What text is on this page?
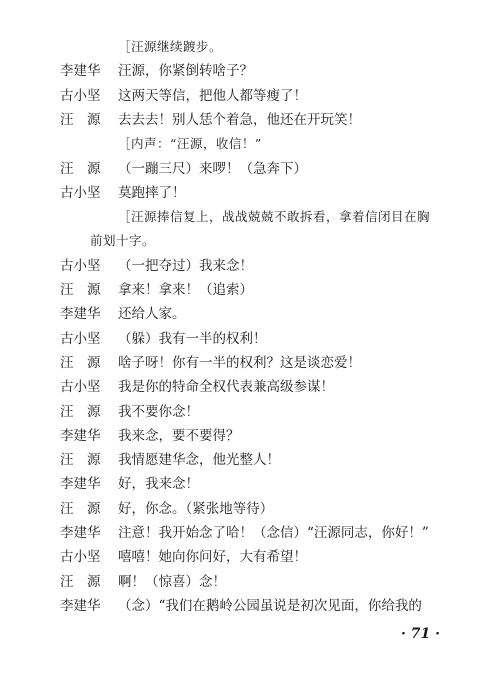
［汪源继续踱步。
李建华 汪源，你紧倒转啥子？
古小坚 这两天等信，把他人都等瘦了！
汪　源 去去去！别人恁个着急，他还在开玩笑！
［内声：“汪源，收信！”
汪　源 （一蹦三尺）来啰！（急奔下）
古小坚 莫跑摔了！
［汪源捧信复上，战战兢兢不敢拆看，拿着信闭目在胸
前划十字。
古小坚 （一把夺过）我来念！
汪　源 拿来！拿来！（追索）
李建华 还给人家。
古小坚 （躲）我有一半的权利！
汪　源 啥子呀！你有一半的权利？这是谈恋爱！
古小坚 我是你的特命全权代表兼高级参谋！
汪　源 我不要你念！
李建华 我来念，要不要得？
汪　源 我情愿建华念，他光整人！
李建华 好，我来念！
汪　源 好，你念。（紧张地等待）
李建华 注意！我开始念了哈！（念信）“汪源同志，你好！”
古小坚 嘻嘻！她向你问好，大有希望！
汪　源 啊！（惊喜）念！
李建华 （念）“我们在鹅岭公园虽说是初次见面，你给我的
· 71 ·
